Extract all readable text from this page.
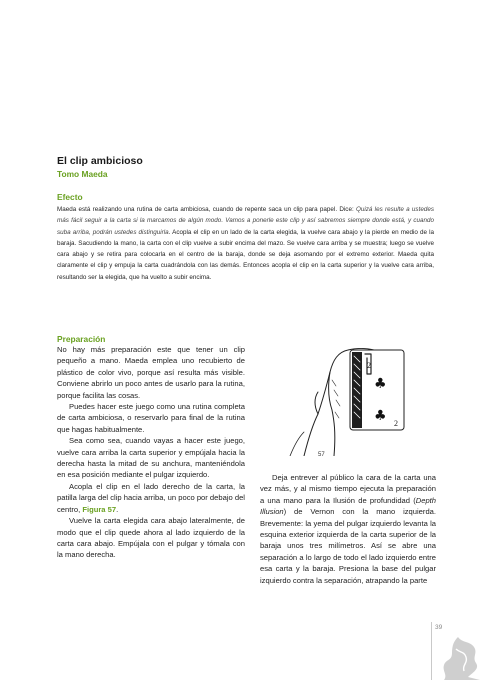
El clip ambicioso
Tomo Maeda
Efecto

Maeda está realizando una rutina de carta ambiciosa, cuando de repente saca un clip para papel. Dice: Quizá les resulte a ustedes más fácil seguir a la carta si la marcamos de algún modo. Vamos a ponerle este clip y así sabremos siempre donde está, y cuando suba arriba, podrán ustedes distinguirla. Acopla el clip en un lado de la carta elegida, la vuelve cara abajo y la pierde en medio de la baraja. Sacudiendo la mano, la carta con el clip vuelve a subir encima del mazo. Se vuelve cara arriba y se muestra; luego se vuelve cara abajo y se retira para colocarla en el centro de la baraja, donde se deja asomando por el extremo exterior. Maeda quita claramente el clip y empuja la carta cuadrándola con las demás. Entonces acopla el clip en la carta superior y la vuelve cara arriba, resultando ser la elegida, que ha vuelto a subir encima.

Preparación

No hay más preparación este que tener un clip pequeño a mano. Maeda emplea uno recubierto de plástico de color vivo, porque así resulta más visible. Conviene abrirlo un poco antes de usarlo para la rutina, porque facilita las cosas.

Puedes hacer este juego como una rutina completa de carta ambiciosa, o reservarlo para final de la rutina que hagas habitualmente.

Sea como sea, cuando vayas a hacer este juego, vuelve cara arriba la carta superior y empújala hacia la derecha hasta la mitad de su anchura, manteniéndola en esa posición mediante el pulgar izquierdo.

Acopla el clip en el lado derecho de la carta, la patilla larga del clip hacia arriba, un poco por debajo del centro, Figura 57.

Vuelve la carta elegida cara abajo lateralmente, de modo que el clip quede ahora al lado izquierdo de la carta cara abajo. Empújala con el pulgar y tómala con la mano derecha.

2
♣
♣ 2
57

Deja entrever al público la cara de la carta una vez más, y al mismo tiempo ejecuta la preparación a una mano para la Ilusión de profundidad (Depth Illusion) de Vernon con la mano izquierda. Brevemente: la yema del pulgar izquierdo levanta la esquina exterior izquierda de la carta superior de la baraja unos tres milímetros. Así se abre una separación a lo largo de todo el lado izquierdo entre esa carta y la baraja. Presiona la base del pulgar izquierdo contra la separación, atrapando la parte

39
